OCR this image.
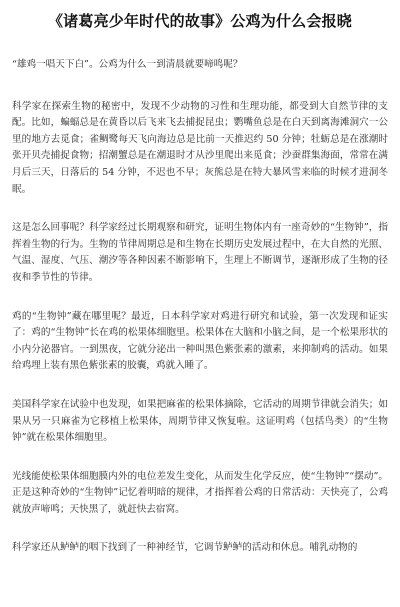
《诸葛亮少年时代的故事》公鸡为什么会报晓

“雄鸡一唱天下白”。公鸡为什么一到清晨就要啼鸣呢？

科学家在探索生物的秘密中，发现不少动物的习性和生理功能，都受到大自然节律的支配。比如，蝙蝠总是在黄昏以后飞来飞去捕捉昆虫；鹦嘴鱼总是在白天到离海滩洞穴一公里的地方去觅食；雀鲷鹭每天飞向海边总是比前一天推迟约 50 分钟；牡蛎总是在涨潮时张开贝壳捕捉食物；招潮蟹总是在潮退时才从沙里爬出来觅食；沙蚕群集海面，常常在满月后三天，日落后的 54 分钟，不迟也不早；灰熊总是在特大暴风雪来临的时候才进洞冬眠。

这是怎么回事呢？科学家经过长期观察和研究，证明生物体内有一座奇妙的“生物钟”，指挥着生物的行为。生物的节律周期总是和生物在长期历史发展过程中，在大自然的光照、气温、湿度、气压、潮汐等各种因素不断影响下，生理上不断调节，逐渐形成了生物的径夜和季节性的节律。

鸡的“生物钟”藏在哪里呢？最近，日本科学家对鸡进行研究和试验，第一次发现和证实了：鸡的“生物钟”长在鸡的松果体细胞里。松果体在大脑和小脑之间，是一个松果形状的小内分泌器官。一到黑夜，它就分泌出一种叫黑色紫张素的激素，来抑制鸡的活动。如果给鸡埋上装有黑色紫张素的胶囊，鸡就入睡了。

美国科学家在试验中也发现，如果把麻雀的松果体摘除，它活动的周期节律就会消失；如果从另一只麻雀为它移植上松果体，周期节律又恢复啦。这证明鸡（包括鸟类）的“生物钟”就在松果体细胞里。

光线能使松果体细胞膜内外的电位差发生变化，从而发生化学反应，使“生物钟”“摆动”。正是这种奇妙的“生物钟”记忆着明暗的规律，才指挥着公鸡的日常活动：天快亮了，公鸡就放声啼鸣；天快黑了，就赶快去宿窝。

科学家还从鲈鲈的咽下找到了一种神经节，它调节鲈鲈的活动和休息。哺乳动物的
